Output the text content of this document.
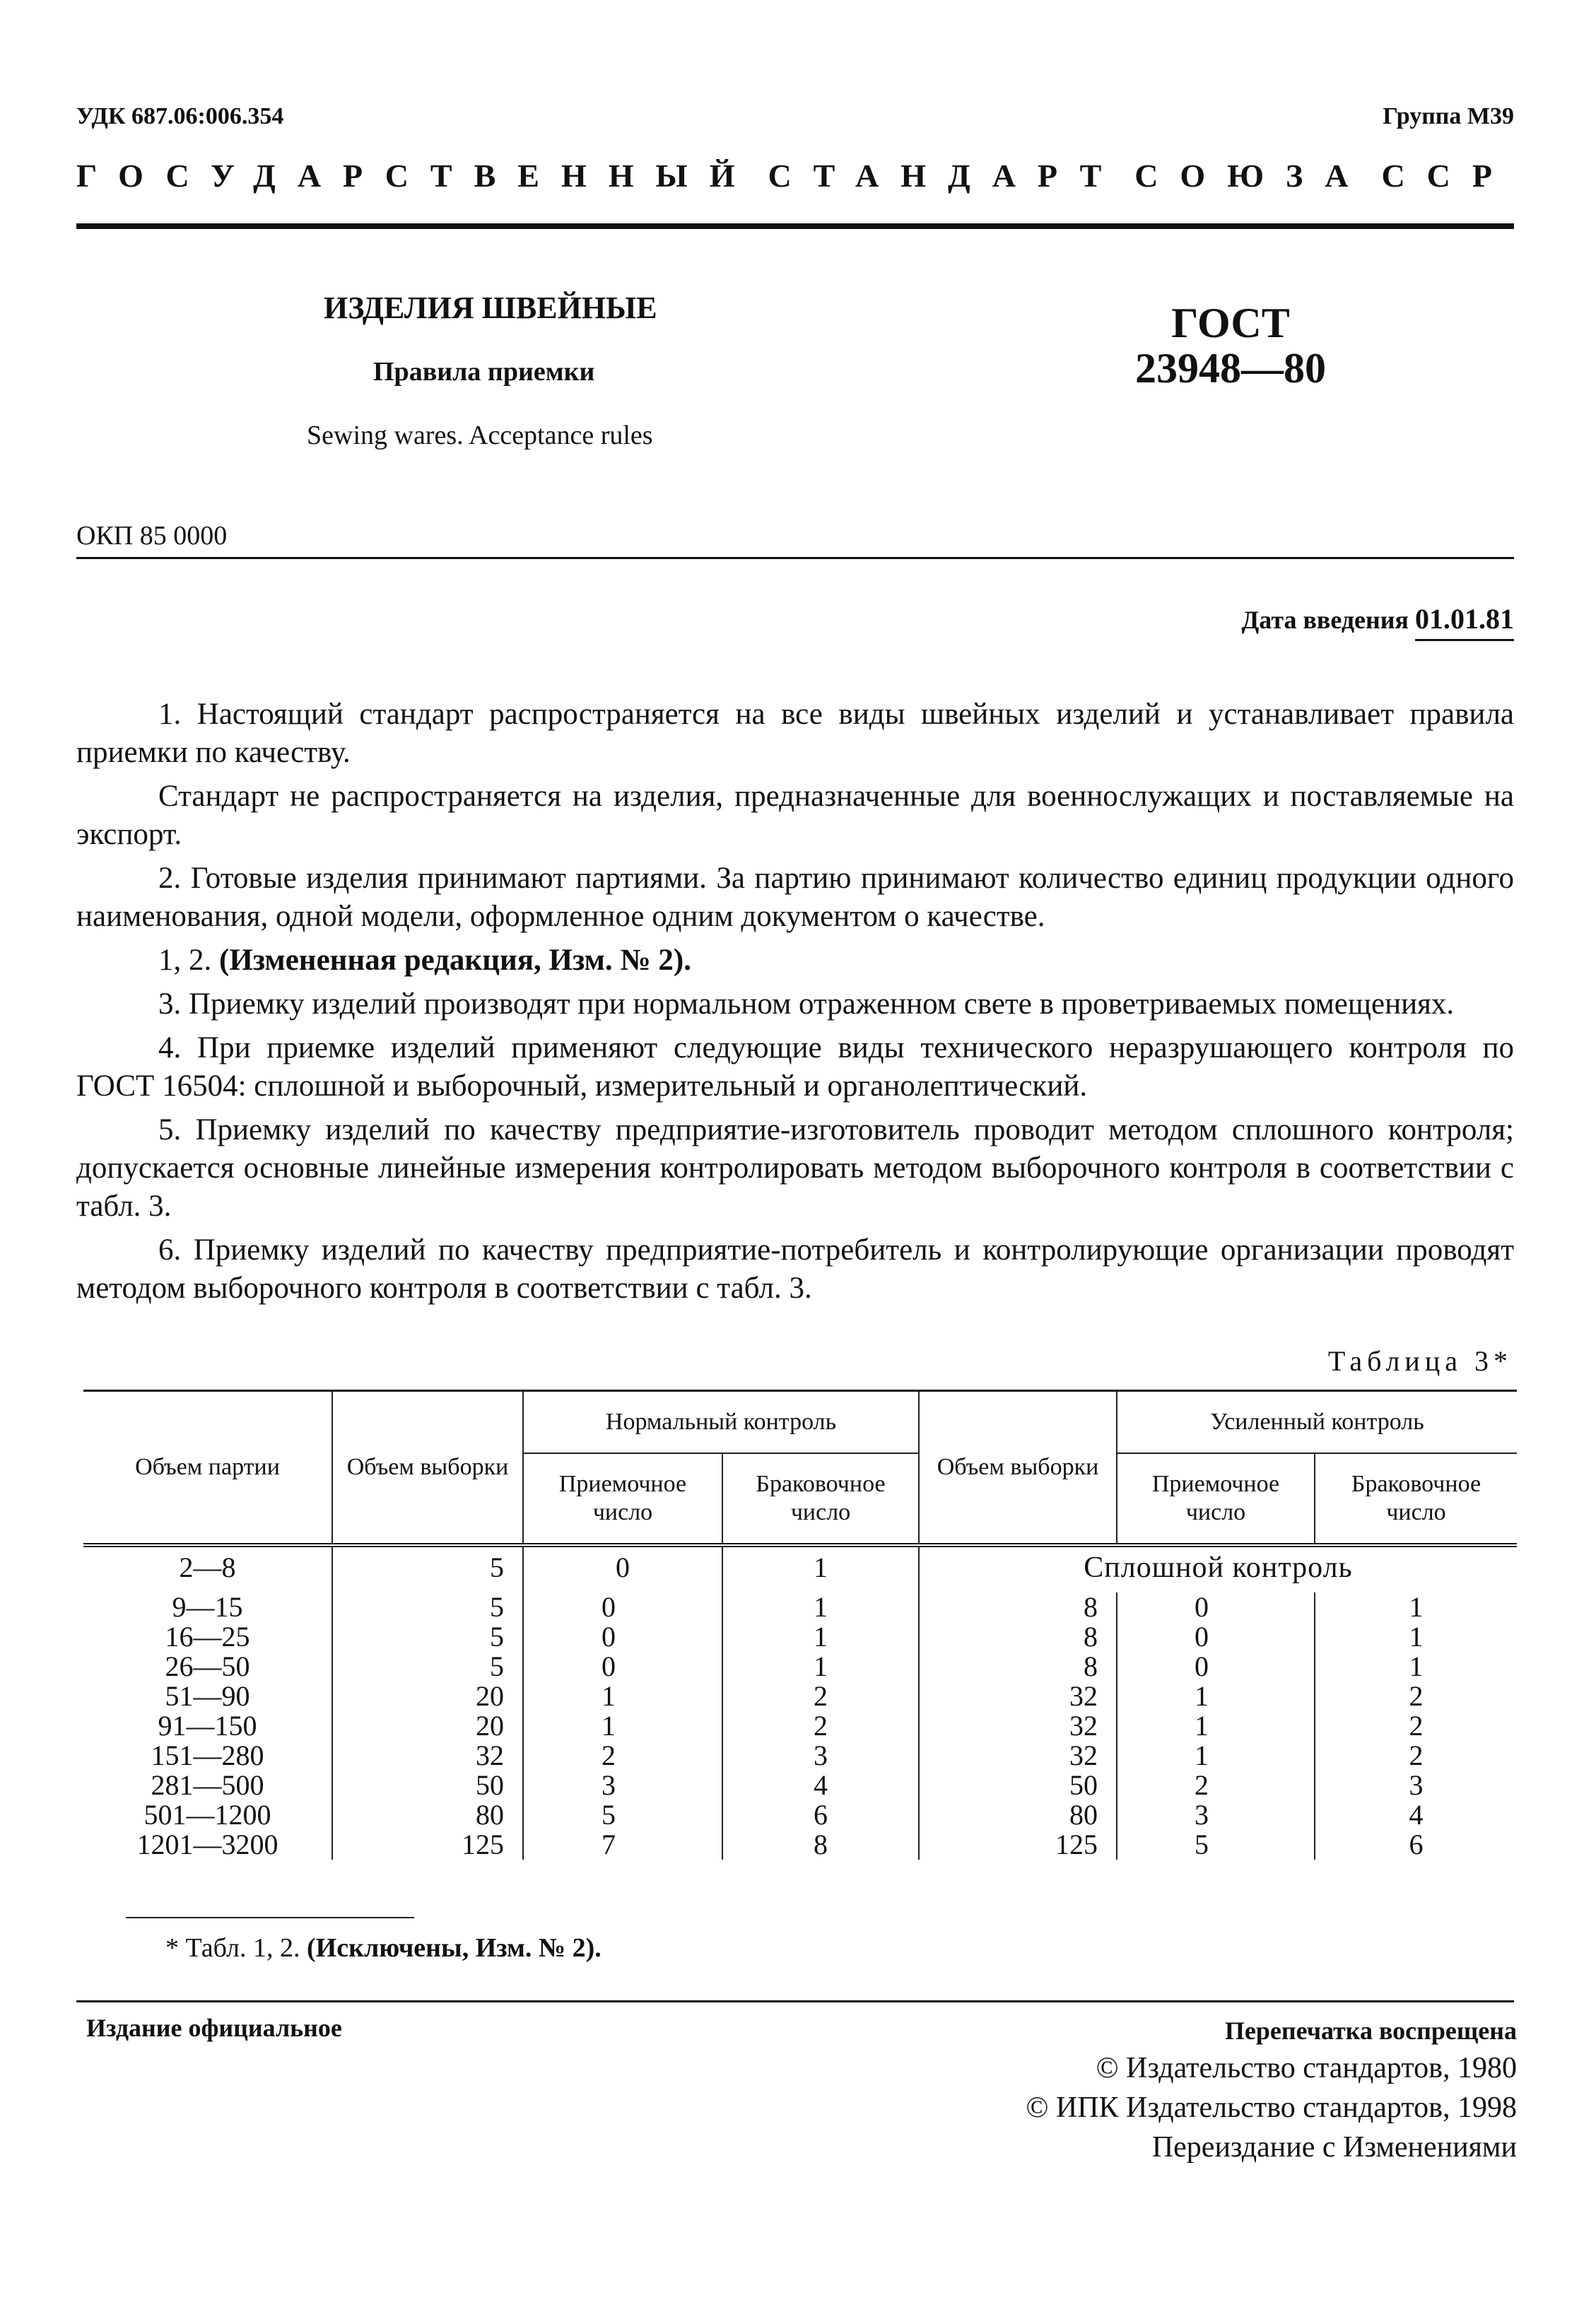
УДК 687.06:006.354	Группа М39
ГОСУДАРСТВЕННЫЙ СТАНДАРТ СОЮЗА ССР
ИЗДЕЛИЯ ШВЕЙНЫЕ
Правила приемки
Sewing wares. Acceptance rules
ГОСТ
23948—80
ОКП 85 0000
Дата введения 01.01.81
1. Настоящий стандарт распространяется на все виды швейных изделий и устанавливает правила приемки по качеству.
Стандарт не распространяется на изделия, предназначенные для военнослужащих и поставляемые на экспорт.
2. Готовые изделия принимают партиями. За партию принимают количество единиц продукции одного наименования, одной модели, оформленное одним документом о качестве.
1, 2. (Измененная редакция, Изм. № 2).
3. Приемку изделий производят при нормальном отраженном свете в проветриваемых помещениях.
4. При приемке изделий применяют следующие виды технического неразрушающего контроля по ГОСТ 16504: сплошной и выборочный, измерительный и органолептический.
5. Приемку изделий по качеству предприятие-изготовитель проводит методом сплошного контроля; допускается основные линейные измерения контролировать методом выборочного контроля в соответствии с табл. 3.
6. Приемку изделий по качеству предприятие-потребитель и контролирующие организации проводят методом выборочного контроля в соответствии с табл. 3.
Таблица 3*
Объем партии	Объем выборки	Нормальный контроль		Объем выборки	Усиленный контроль	

		Приемочное число	Браковочное число		Приемочное число	Браковочное число

2—8	5	0	1	Сплошной контроль		
9—15	5	0	1	8	0	1
16—25	5	0	1	8	0	1
26—50	5	0	1	8	0	1
51—90	20	1	2	32	1	2
91—150	20	1	2	32	1	2
151—280	32	2	3	32	1	2
281—500	50	3	4	50	2	3
501—1200	80	5	6	80	3	4
1201—3200	125	7	8	125	5	6
* Табл. 1, 2. (Исключены, Изм. № 2).
Издание официальное	Перепечатка воспрещена
© Издательство стандартов, 1980
© ИПК Издательство стандартов, 1998
Переиздание с Изменениями
